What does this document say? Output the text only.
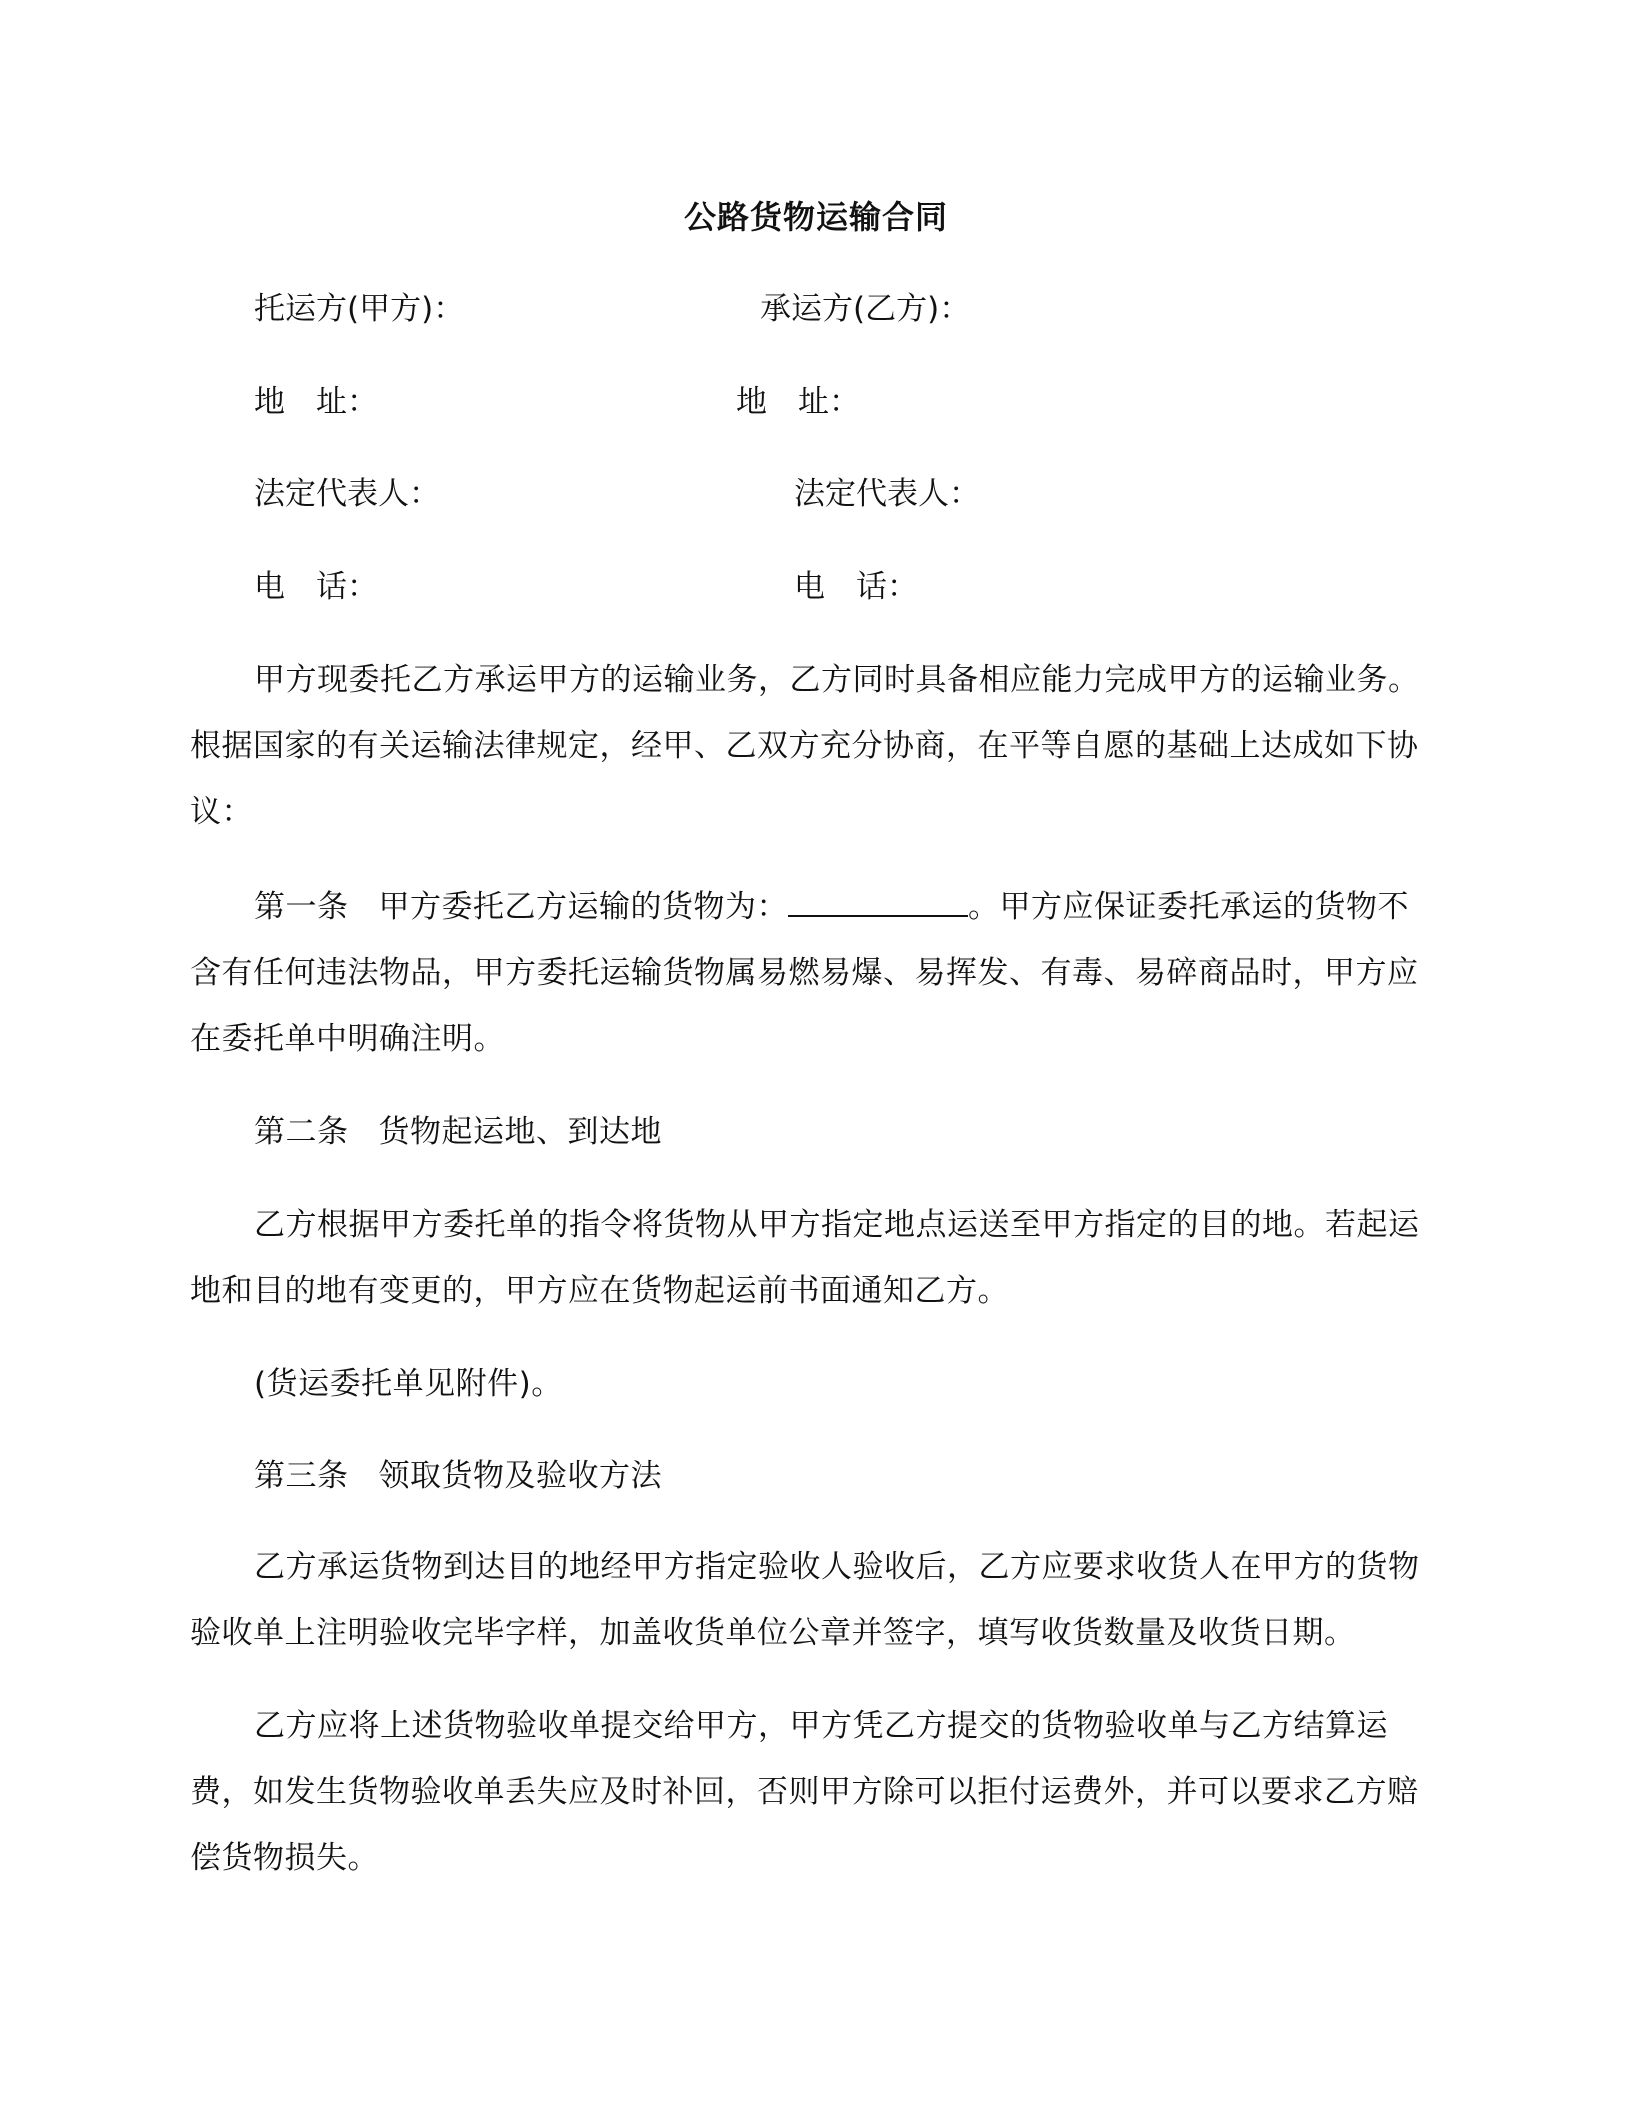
公路货物运输合同
托运方(甲方)：	承运方(乙方)：
地　址：	地　址：
法定代表人：	法定代表人：
电　话：	电　话：
甲方现委托乙方承运甲方的运输业务，乙方同时具备相应能力完成甲方的运输业务。根据国家的有关运输法律规定，经甲、乙双方充分协商，在平等自愿的基础上达成如下协议：
第一条 甲方委托乙方运输的货物为：	。甲方应保证委托承运的货物不含有任何违法物品，甲方委托运输货物属易燃易爆、易挥发、有毒、易碎商品时，甲方应在委托单中明确注明。
第二条 货物起运地、到达地
乙方根据甲方委托单的指令将货物从甲方指定地点运送至甲方指定的目的地。若起运地和目的地有变更的，甲方应在货物起运前书面通知乙方。
(货运委托单见附件)。
第三条 领取货物及验收方法
乙方承运货物到达目的地经甲方指定验收人验收后，乙方应要求收货人在甲方的货物验收单上注明验收完毕字样，加盖收货单位公章并签字，填写收货数量及收货日期。
乙方应将上述货物验收单提交给甲方，甲方凭乙方提交的货物验收单与乙方结算运费，如发生货物验收单丢失应及时补回，否则甲方除可以拒付运费外，并可以要求乙方赔偿货物损失。
